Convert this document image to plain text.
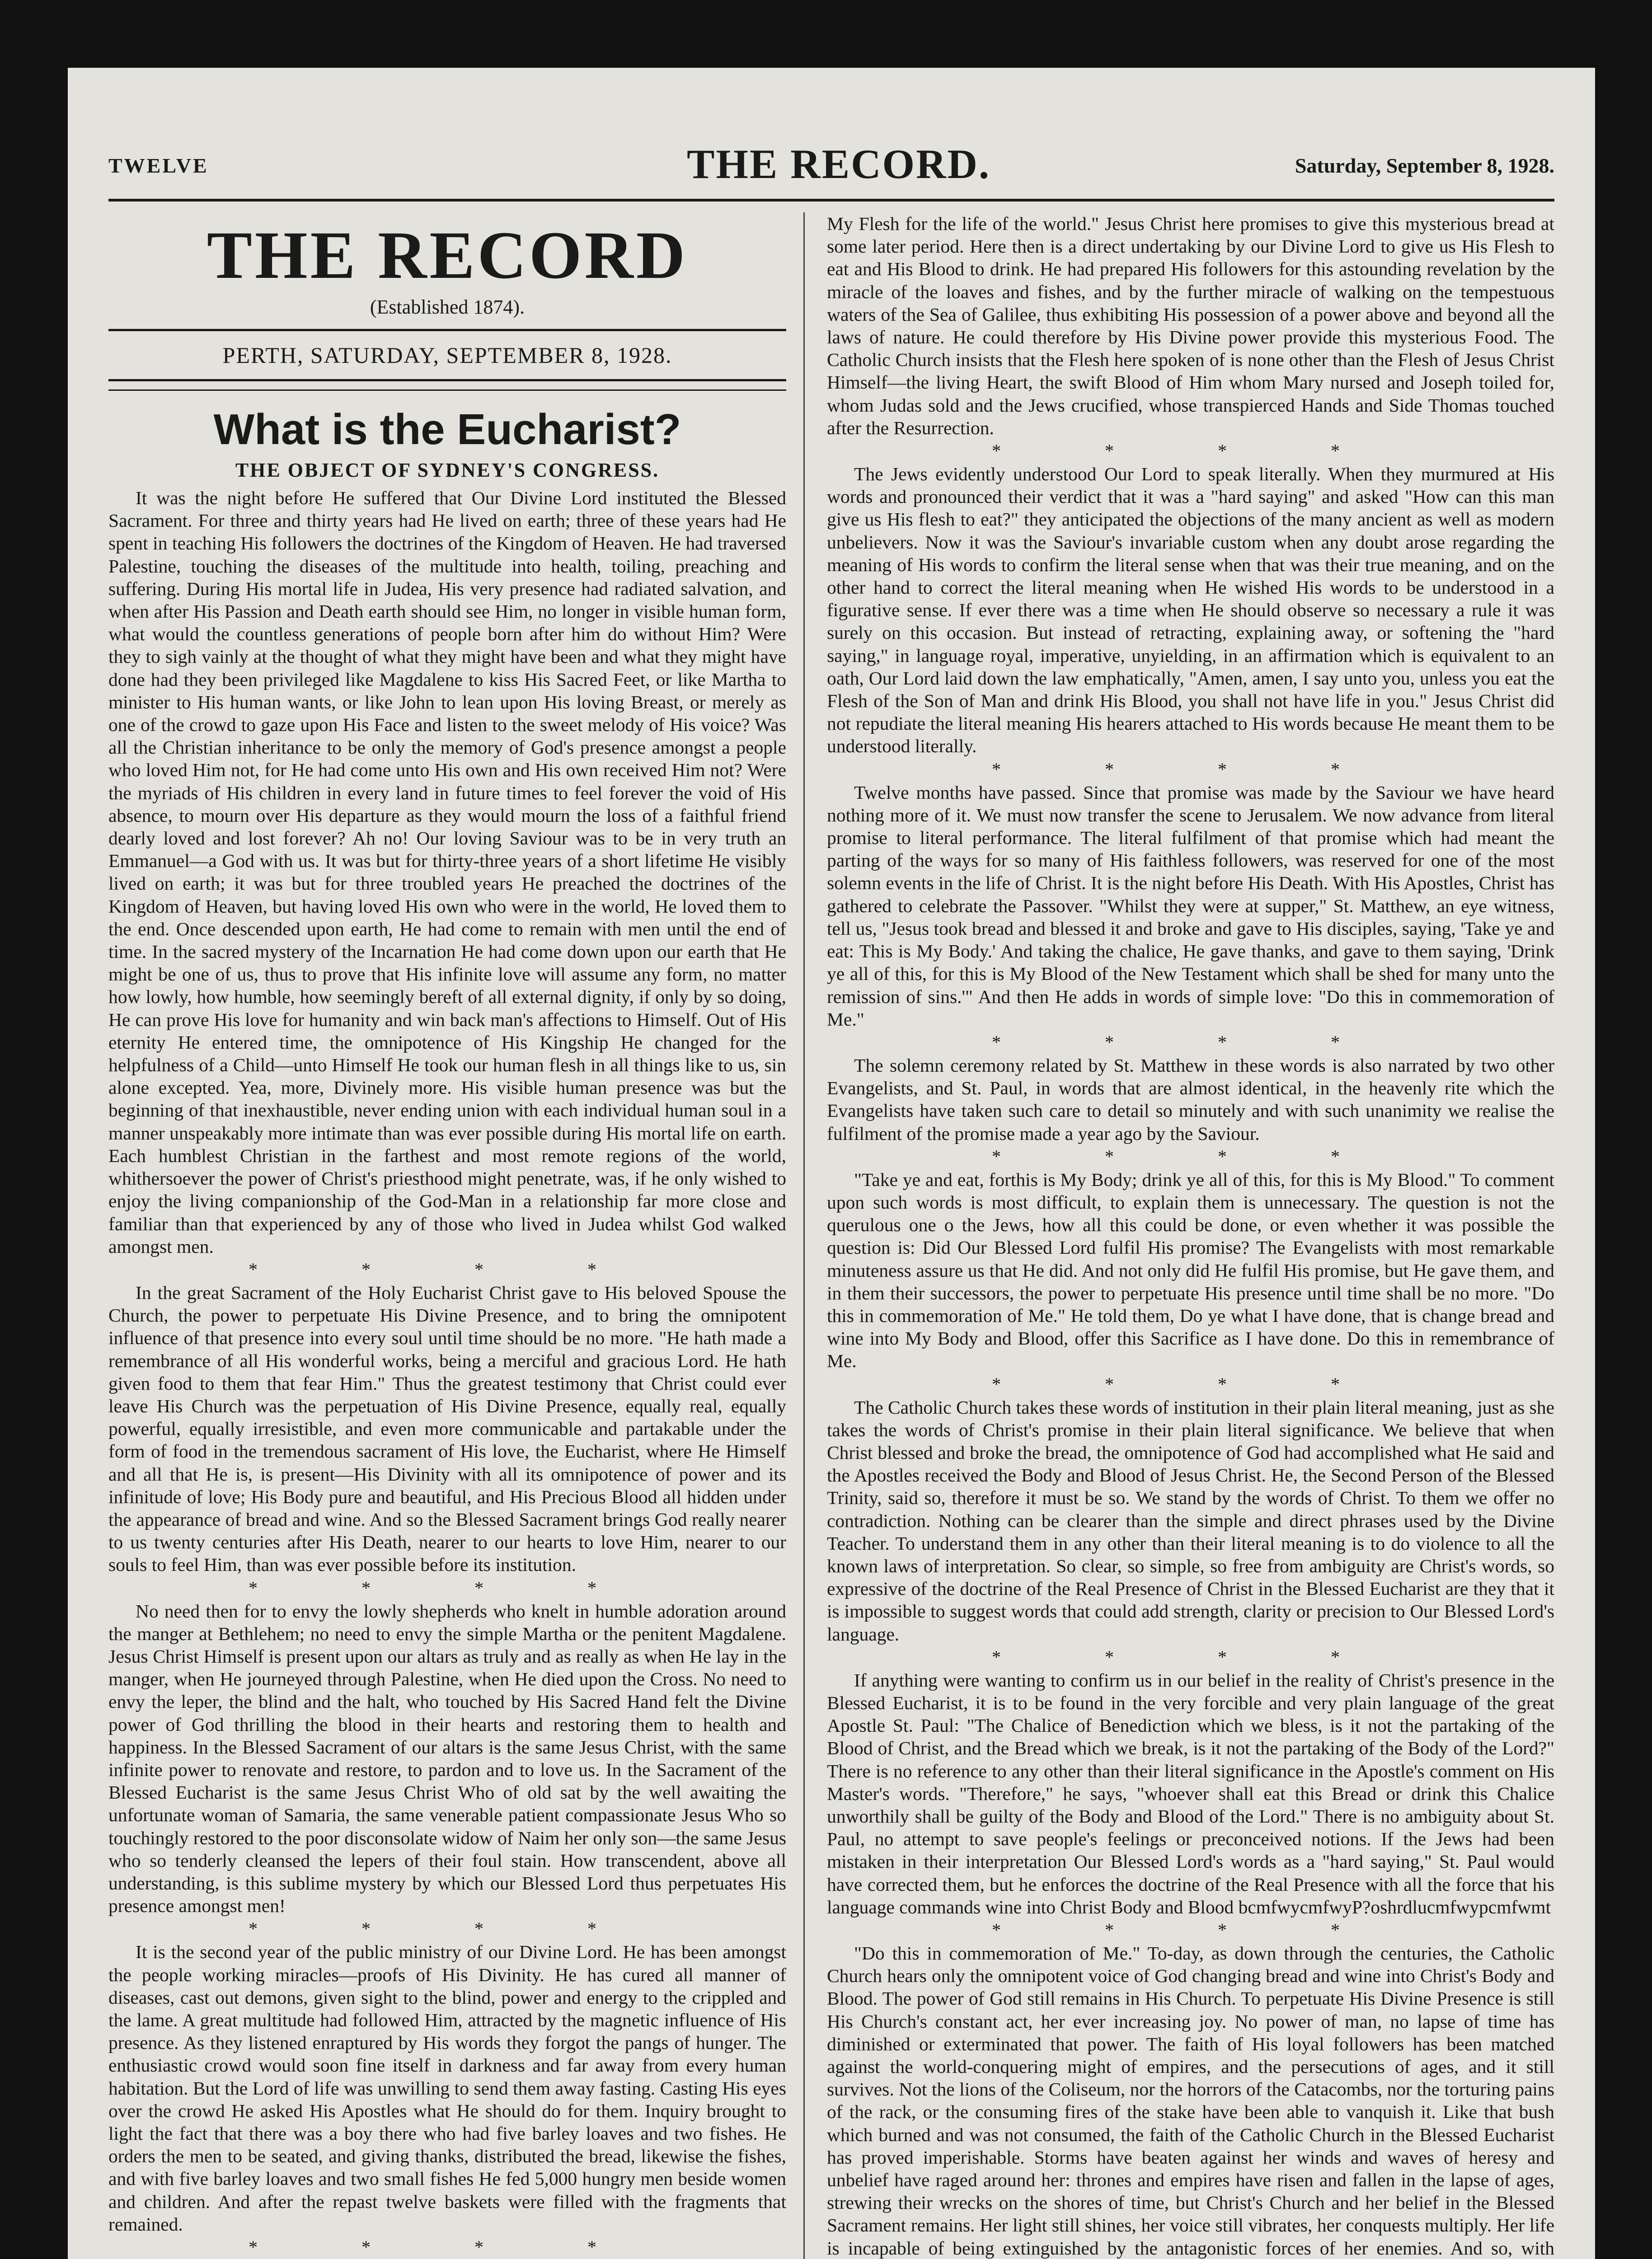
TWELVE	THE RECORD.	Saturday, September 8, 1928.
THE RECORD
(Established 1874).
PERTH, SATURDAY, SEPTEMBER 8, 1928.
What is the Eucharist?
THE OBJECT OF SYDNEY'S CONGRESS.

It was the night before He suffered that Our Divine Lord instituted the Blessed Sacrament. For three and thirty years had He lived on earth; three of these years had He spent in teaching His followers the doctrines of the Kingdom of Heaven. He had traversed Palestine, touching the diseases of the multitude into health, toiling, preaching and suffering. During His mortal life in Judea, His very presence had radiated salvation, and when after His Passion and Death earth should see Him, no longer in visible human form, what would the countless generations of people born after him do without Him? Were they to sigh vainly at the thought of what they might have been and what they might have done had they been privileged like Magdalene to kiss His Sacred Feet, or like Martha to minister to His human wants, or like John to lean upon His loving Breast, or merely as one of the crowd to gaze upon His Face and listen to the sweet melody of His voice? Was all the Christian inheritance to be only the memory of God's presence amongst a people who loved Him not, for He had come unto His own and His own received Him not? Were the myriads of His children in every land in future times to feel forever the void of His absence, to mourn over His departure as they would mourn the loss of a faithful friend dearly loved and lost forever? Ah no! Our loving Saviour was to be in very truth an Emmanuel—a God with us. It was but for thirty-three years of a short lifetime He visibly lived on earth; it was but for three troubled years He preached the doctrines of the Kingdom of Heaven, but having loved His own who were in the world, He loved them to the end. Once descended upon earth, He had come to remain with men until the end of time. In the sacred mystery of the Incarnation He had come down upon our earth that He might be one of us, thus to prove that His infinite love will assume any form, no matter how lowly, how humble, how seemingly bereft of all external dignity, if only by so doing, He can prove His love for humanity and win back man's affections to Himself. Out of His eternity He entered time, the omnipotence of His Kingship He changed for the helpfulness of a Child—unto Himself He took our human flesh in all things like to us, sin alone excepted. Yea, more, Divinely more. His visible human presence was but the beginning of that inexhaustible, never ending union with each individual human soul in a manner unspeakably more intimate than was ever possible during His mortal life on earth. Each humblest Christian in the farthest and most remote regions of the world, whithersoever the power of Christ's priesthood might penetrate, was, if he only wished to enjoy the living companionship of the God-Man in a relationship far more close and familiar than that experienced by any of those who lived in Judea whilst God walked amongst men.

* * * *

In the great Sacrament of the Holy Eucharist Christ gave to His beloved Spouse the Church, the power to perpetuate His Divine Presence, and to bring the omnipotent influence of that presence into every soul until time should be no more. "He hath made a remembrance of all His wonderful works, being a merciful and gracious Lord. He hath given food to them that fear Him." Thus the greatest testimony that Christ could ever leave His Church was the perpetuation of His Divine Presence, equally real, equally powerful, equally irresistible, and even more communicable and partakable under the form of food in the tremendous sacrament of His love, the Eucharist, where He Himself and all that He is, is present—His Divinity with all its omnipotence of power and its infinitude of love; His Body pure and beautiful, and His Precious Blood all hidden under the appearance of bread and wine. And so the Blessed Sacrament brings God really nearer to us twenty centuries after His Death, nearer to our hearts to love Him, nearer to our souls to feel Him, than was ever possible before its institution.

* * * *

No need then for to envy the lowly shepherds who knelt in humble adoration around the manger at Bethlehem; no need to envy the simple Martha or the penitent Magdalene. Jesus Christ Himself is present upon our altars as truly and as really as when He lay in the manger, when He journeyed through Palestine, when He died upon the Cross. No need to envy the leper, the blind and the halt, who touched by His Sacred Hand felt the Divine power of God thrilling the blood in their hearts and restoring them to health and happiness. In the Blessed Sacrament of our altars is the same Jesus Christ, with the same infinite power to renovate and restore, to pardon and to love us. In the Sacrament of the Blessed Eucharist is the same Jesus Christ Who of old sat by the well awaiting the unfortunate woman of Samaria, the same venerable patient compassionate Jesus Who so touchingly restored to the poor disconsolate widow of Naim her only son—the same Jesus who so tenderly cleansed the lepers of their foul stain. How transcendent, above all understanding, is this sublime mystery by which our Blessed Lord thus perpetuates His presence amongst men!

* * * *

It is the second year of the public ministry of our Divine Lord. He has been amongst the people working miracles—proofs of His Divinity. He has cured all manner of diseases, cast out demons, given sight to the blind, power and energy to the crippled and the lame. A great multitude had followed Him, attracted by the magnetic influence of His presence. As they listened enraptured by His words they forgot the pangs of hunger. The enthusiastic crowd would soon fine itself in darkness and far away from every human habitation. But the Lord of life was unwilling to send them away fasting. Casting His eyes over the crowd He asked His Apostles what He should do for them. Inquiry brought to light the fact that there was a boy there who had five barley loaves and two fishes. He orders the men to be seated, and giving thanks, distributed the bread, likewise the fishes, and with five barley loaves and two small fishes He fed 5,000 hungry men beside women and children. And after the repast twelve baskets were filled with the fragments that remained.

* * * *

My Flesh for the life of the world." Jesus Christ here promises to give this mysterious bread at some later period. Here then is a direct undertaking by our Divine Lord to give us His Flesh to eat and His Blood to drink. He had prepared His followers for this astounding revelation by the miracle of the loaves and fishes, and by the further miracle of walking on the tempestuous waters of the Sea of Galilee, thus exhibiting His possession of a power above and beyond all the laws of nature. He could therefore by His Divine power provide this mysterious Food. The Catholic Church insists that the Flesh here spoken of is none other than the Flesh of Jesus Christ Himself—the living Heart, the swift Blood of Him whom Mary nursed and Joseph toiled for, whom Judas sold and the Jews crucified, whose transpierced Hands and Side Thomas touched after the Resurrection.

* * * *

The Jews evidently understood Our Lord to speak literally. When they murmured at His words and pronounced their verdict that it was a "hard saying" and asked "How can this man give us His flesh to eat?" they anticipated the objections of the many ancient as well as modern unbelievers. Now it was the Saviour's invariable custom when any doubt arose regarding the meaning of His words to confirm the literal sense when that was their true meaning, and on the other hand to correct the literal meaning when He wished His words to be understood in a figurative sense. If ever there was a time when He should observe so necessary a rule it was surely on this occasion. But instead of retracting, explaining away, or softening the "hard saying," in language royal, imperative, unyielding, in an affirmation which is equivalent to an oath, Our Lord laid down the law emphatically, "Amen, amen, I say unto you, unless you eat the Flesh of the Son of Man and drink His Blood, you shall not have life in you." Jesus Christ did not repudiate the literal meaning His hearers attached to His words because He meant them to be understood literally.

* * * *

Twelve months have passed. Since that promise was made by the Saviour we have heard nothing more of it. We must now transfer the scene to Jerusalem. We now advance from literal promise to literal performance. The literal fulfilment of that promise which had meant the parting of the ways for so many of His faithless followers, was reserved for one of the most solemn events in the life of Christ. It is the night before His Death. With His Apostles, Christ has gathered to celebrate the Passover. "Whilst they were at supper," St. Matthew, an eye witness, tell us, "Jesus took bread and blessed it and broke and gave to His disciples, saying, 'Take ye and eat: This is My Body.' And taking the chalice, He gave thanks, and gave to them saying, 'Drink ye all of this, for this is My Blood of the New Testament which shall be shed for many unto the remission of sins.'" And then He adds in words of simple love: "Do this in commemoration of Me."

* * * *

The solemn ceremony related by St. Matthew in these words is also narrated by two other Evangelists, and St. Paul, in words that are almost identical, in the heavenly rite which the Evangelists have taken such care to detail so minutely and with such unanimity we realise the fulfilment of the promise made a year ago by the Saviour.

* * * *

"Take ye and eat, forthis is My Body; drink ye all of this, for this is My Blood." To comment upon such words is most difficult, to explain them is unnecessary. The question is not the querulous one o the Jews, how all this could be done, or even whether it was possible the question is: Did Our Blessed Lord fulfil His promise? The Evangelists with most remarkable minuteness assure us that He did. And not only did He fulfil His promise, but He gave them, and in them their successors, the power to perpetuate His presence until time shall be no more. "Do this in commemoration of Me." He told them, Do ye what I have done, that is change bread and wine into My Body and Blood, offer this Sacrifice as I have done. Do this in remembrance of Me.

* * * *

The Catholic Church takes these words of institution in their plain literal meaning, just as she takes the words of Christ's promise in their plain literal significance. We believe that when Christ blessed and broke the bread, the omnipotence of God had accomplished what He said and the Apostles received the Body and Blood of Jesus Christ. He, the Second Person of the Blessed Trinity, said so, therefore it must be so. We stand by the words of Christ. To them we offer no contradiction. Nothing can be clearer than the simple and direct phrases used by the Divine Teacher. To understand them in any other than their literal meaning is to do violence to all the known laws of interpretation. So clear, so simple, so free from ambiguity are Christ's words, so expressive of the doctrine of the Real Presence of Christ in the Blessed Eucharist are they that it is impossible to suggest words that could add strength, clarity or precision to Our Blessed Lord's language.

* * * *

If anything were wanting to confirm us in our belief in the reality of Christ's presence in the Blessed Eucharist, it is to be found in the very forcible and very plain language of the great Apostle St. Paul: "The Chalice of Benediction which we bless, is it not the partaking of the Blood of Christ, and the Bread which we break, is it not the partaking of the Body of the Lord?" There is no reference to any other than their literal significance in the Apostle's comment on His Master's words. "Therefore," he says, "whoever shall eat this Bread or drink this Chalice unworthily shall be guilty of the Body and Blood of the Lord." There is no ambiguity about St. Paul, no attempt to save people's feelings or preconceived notions. If the Jews had been mistaken in their interpretation Our Blessed Lord's words as a "hard saying," St. Paul would have corrected them, but he enforces the doctrine of the Real Presence with all the force that his language commands wine into Christ Body and Blood bcmfwycmfwyP?oshrdlucmfwypcmfwmt

* * * *

"Do this in commemoration of Me." To-day, as down through the centuries, the Catholic Church hears only the omnipotent voice of God changing bread and wine into Christ's Body and Blood. The power of God still remains in His Church. To perpetuate His Divine Presence is still His Church's constant act, her ever increasing joy. No power of man, no lapse of time has diminished or exterminated that power. The faith of His loyal followers has been matched against the world-conquering might of empires, and the persecutions of ages, and it still survives. Not the lions of the Coliseum, nor the horrors of the Catacombs, nor the torturing pains of the rack, or the consuming fires of the stake have been able to vanquish it. Like that bush which burned and was not consumed, the faith of the Catholic Church in the Blessed Eucharist has proved imperishable. Storms have beaten against her winds and waves of heresy and unbelief have raged around her: thrones and empires have risen and fallen in the lapse of ages, strewing their wrecks on the shores of time, but Christ's Church and her belief in the Blessed Sacrament remains. Her light still shines, her voice still vibrates, her conquests multiply. Her life is incapable of being extinguished by the antagonistic forces of her enemies. And so, with
